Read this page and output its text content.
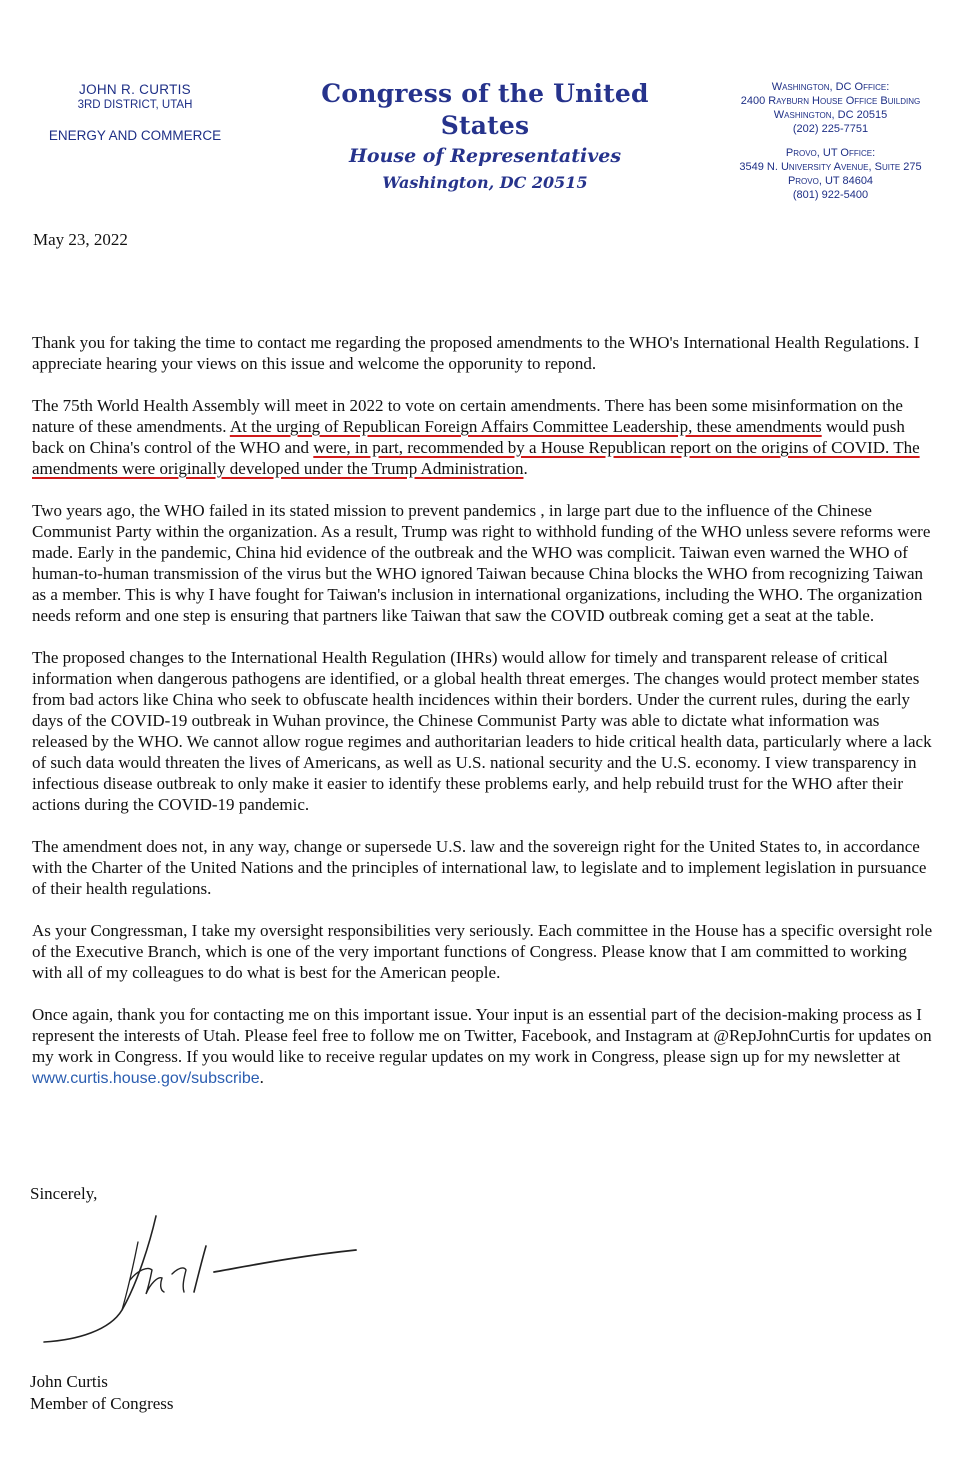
JOHN R. CURTIS
3RD DISTRICT, UTAH
ENERGY AND COMMERCE
Congress of the United States
House of Representatives
Washington, DC 20515
Washington, DC Office:
2400 Rayburn House Office Building
Washington, DC 20515
(202) 225-7751
Provo, UT Office:
3549 N. University Avenue, Suite 275
Provo, UT 84604
(801) 922-5400
May 23, 2022

Thank you for taking the time to contact me regarding the proposed amendments to the WHO's International Health Regulations. I appreciate hearing your views on this issue and welcome the opporunity to repond.

The 75th World Health Assembly will meet in 2022 to vote on certain amendments. There has been some misinformation on the nature of these amendments. At the urging of Republican Foreign Affairs Committee Leadership, these amendments would push back on China's control of the WHO and were, in part, recommended by a House Republican report on the origins of COVID. The amendments were originally developed under the Trump Administration.

Two years ago, the WHO failed in its stated mission to prevent pandemics , in large part due to the influence of the Chinese Communist Party within the organization. As a result, Trump was right to withhold funding of the WHO unless severe reforms were made. Early in the pandemic, China hid evidence of the outbreak and the WHO was complicit. Taiwan even warned the WHO of human-to-human transmission of the virus but the WHO ignored Taiwan because China blocks the WHO from recognizing Taiwan as a member. This is why I have fought for Taiwan's inclusion in international organizations, including the WHO. The organization needs reform and one step is ensuring that partners like Taiwan that saw the COVID outbreak coming get a seat at the table.

The proposed changes to the International Health Regulation (IHRs) would allow for timely and transparent release of critical information when dangerous pathogens are identified, or a global health threat emerges. The changes would protect member states from bad actors like China who seek to obfuscate health incidences within their borders. Under the current rules, during the early days of the COVID-19 outbreak in Wuhan province, the Chinese Communist Party was able to dictate what information was released by the WHO. We cannot allow rogue regimes and authoritarian leaders to hide critical health data, particularly where a lack of such data would threaten the lives of Americans, as well as U.S. national security and the U.S. economy. I view transparency in infectious disease outbreak to only make it easier to identify these problems early, and help rebuild trust for the WHO after their actions during the COVID-19 pandemic.

The amendment does not, in any way, change or supersede U.S. law and the sovereign right for the United States to, in accordance with the Charter of the United Nations and the principles of international law, to legislate and to implement legislation in pursuance of their health regulations.

As your Congressman, I take my oversight responsibilities very seriously. Each committee in the House has a specific oversight role of the Executive Branch, which is one of the very important functions of Congress. Please know that I am committed to working with all of my colleagues to do what is best for the American people.

Once again, thank you for contacting me on this important issue. Your input is an essential part of the decision-making process as I represent the interests of Utah. Please feel free to follow me on Twitter, Facebook, and Instagram at @RepJohnCurtis for updates on my work in Congress. If you would like to receive regular updates on my work in Congress, please sign up for my newsletter at www.curtis.house.gov/subscribe.

Sincerely,
John Curtis
Member of Congress
